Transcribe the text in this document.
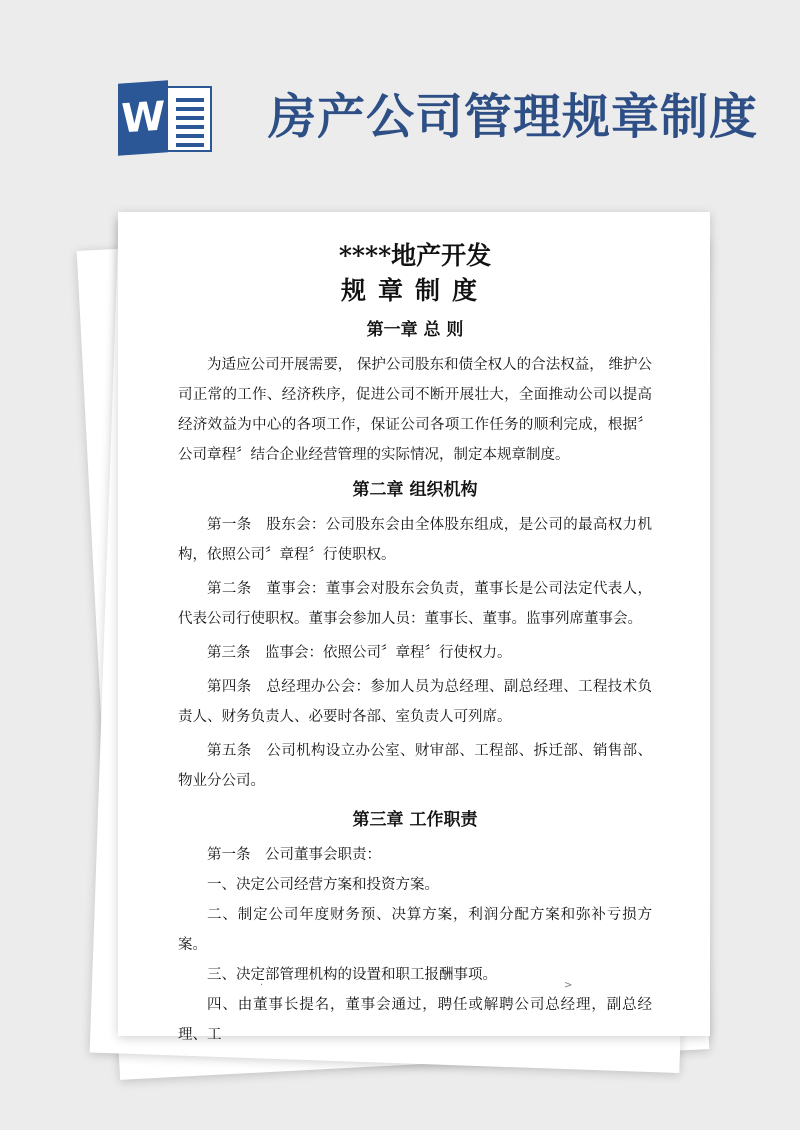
W 房产公司管理规章制度
****地产开发
规章制度
第一章 总 则

为适应公司开展需要， 保护公司股东和债全权人的合法权益， 维护公司正常的工作、经济秩序，促进公司不断开展壮大，全面推动公司以提高经济效益为中心的各项工作，保证公司各项工作任务的顺利完成，根据〞公司章程〞结合企业经营管理的实际情况，制定本规章制度。

第二章 组织机构

第一条　股东会：公司股东会由全体股东组成，是公司的最高权力机构，依照公司〞章程〞行使职权。

第二条　董事会：董事会对股东会负责，董事长是公司法定代表人，代表公司行使职权。董事会参加人员：董事长、董事。监事列席董事会。

第三条　监事会：依照公司〞章程〞行使权力。

第四条　总经理办公会：参加人员为总经理、副总经理、工程技术负责人、财务负责人、必要时各部、室负责人可列席。

第五条　公司机构设立办公室、财审部、工程部、拆迁部、销售部、物业分公司。

第三章 工作职责

第一条　公司董事会职责：

一、决定公司经营方案和投资方案。

二、制定公司年度财务预、决算方案，利润分配方案和弥补亏损方案。

三、决定部管理机构的设置和职工报酬事项。

四、由董事长提名，董事会通过，聘任或解聘公司总经理，副总经理、工

·	>
